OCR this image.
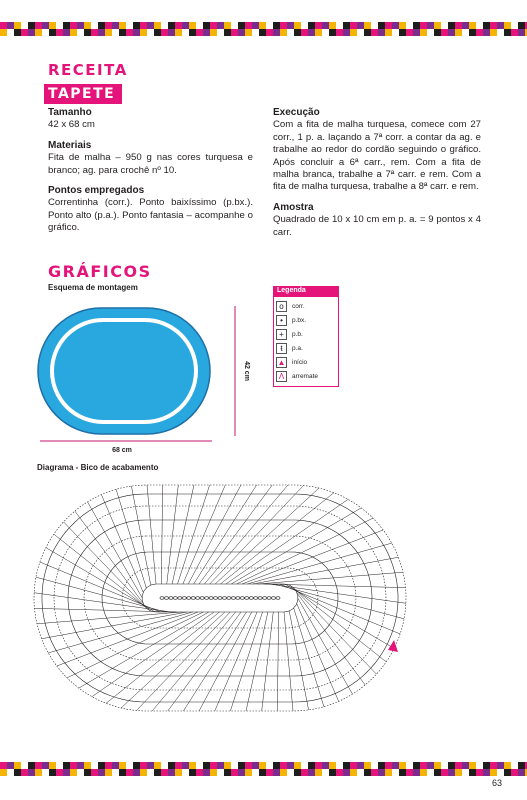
RECEITA
TAPETE
Tamanho

42 x 68 cm

Materiais

Fita de malha – 950 g nas cores turquesa e branco; ag. para crochê nº 10.

Pontos empregados

Correntinha (corr.). Ponto baixíssimo (p.bx.). Ponto alto (p.a.). Ponto fantasia – acompanhe o gráfico.

Execução

Com a fita de malha turquesa, comece com 27 corr., 1 p. a. laçando a 7ª corr. a contar da ag. e trabalhe ao redor do cordão seguindo o gráfico. Após concluir a 6ª carr., rem. Com a fita de malha branca, trabalhe a 7ª carr. e rem. Com a fita de malha turquesa, trabalhe a 8ª carr. e rem.

Amostra

Quadrado de 10 x 10 cm em p. a. = 9 pontos x 4 carr.

GRÁFICOS
Esquema de montagem
68 cm
42 cm
Legenda
o	corr.
•	p.bx.
+	p.b.
ŧ	p.a.
▲ início
Λ	arremate
Diagrama - Bico de acabamento
63
PassionForum.ru
